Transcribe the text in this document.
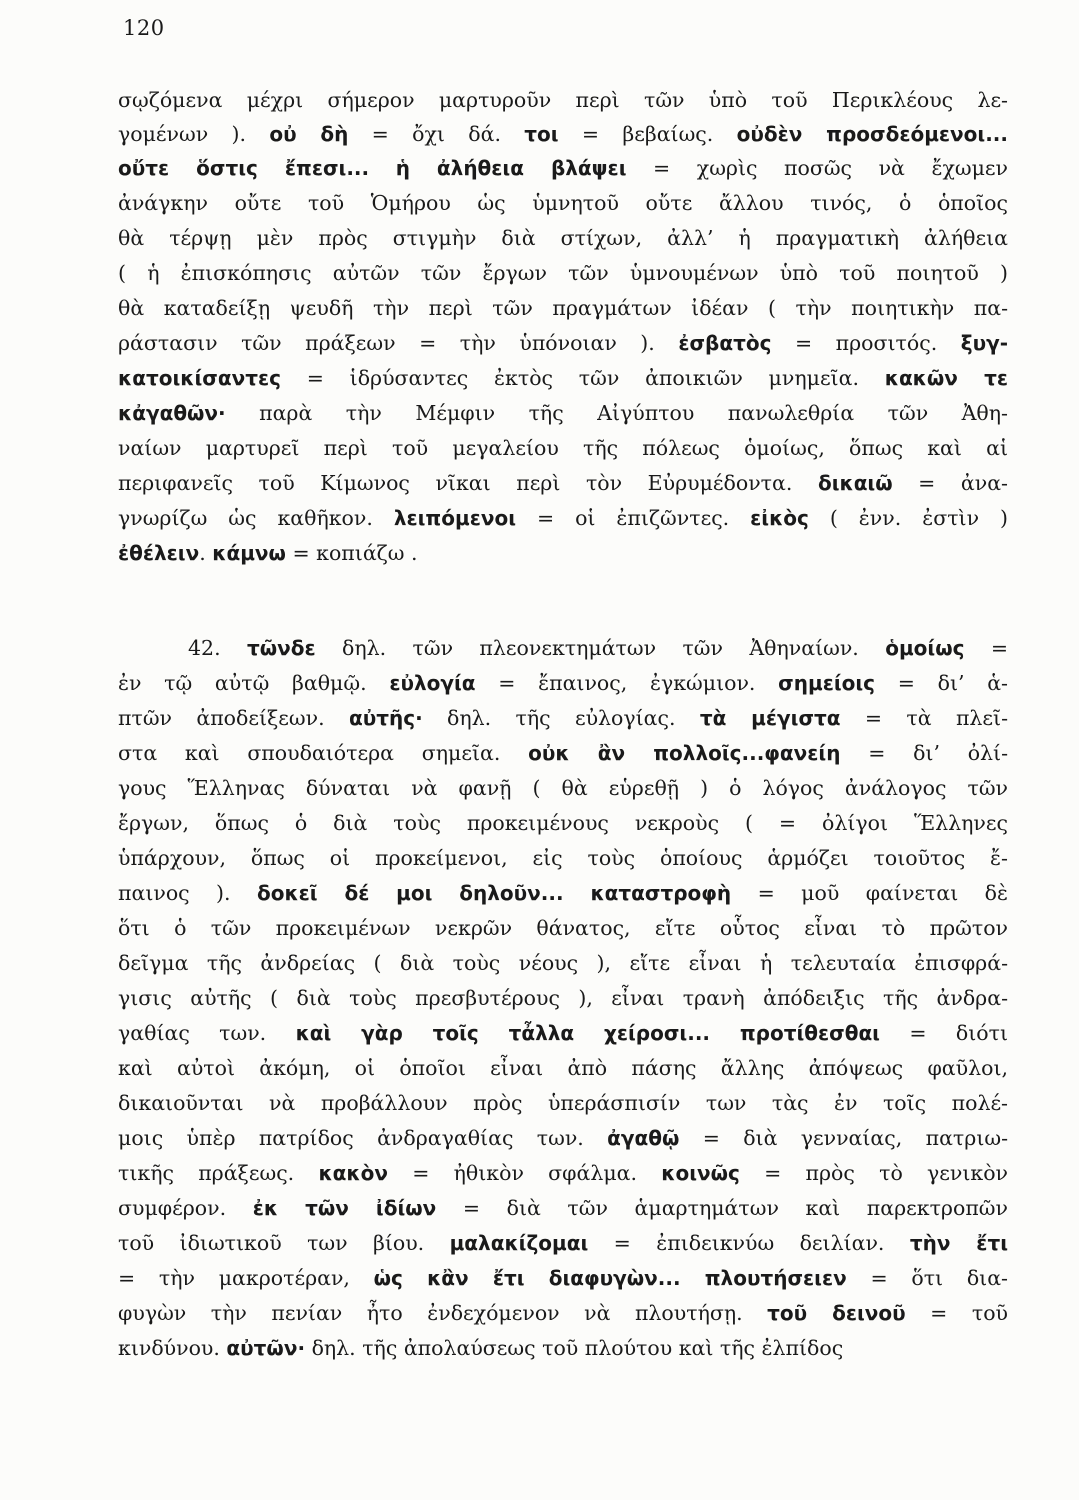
120
σῳζόμενα μέχρι σήμερον μαρτυροῦν περὶ τῶν ὑπὸ τοῦ Περικλέους λε-
γομένων ). οὐ δὴ = ὄχι δά. τοι = βεβαίως. οὐδὲν προσδεόμενοι...
οὔτε ὅστις ἔπεσι... ἡ ἀλήθεια βλάψει = χωρὶς ποσῶς νὰ ἔχωμεν
ἀνάγκην οὔτε τοῦ Ὁμήρου ὡς ὑμνητοῦ οὔτε ἄλλου τινός, ὁ ὁποῖος
θὰ τέρψῃ μὲν πρὸς στιγμὴν διὰ στίχων, ἀλλ’ ἡ πραγματικὴ ἀλήθεια
( ἡ ἐπισκόπησις αὐτῶν τῶν ἔργων τῶν ὑμνουμένων ὑπὸ τοῦ ποιητοῦ )
θὰ καταδείξῃ ψευδῆ τὴν περὶ τῶν πραγμάτων ἰδέαν ( τὴν ποιητικὴν πα-
ράστασιν τῶν πράξεων = τὴν ὑπόνοιαν ). ἐσβατὸς = προσιτός. ξυγ-
κατοικίσαντες = ἱδρύσαντες ἐκτὸς τῶν ἀποικιῶν μνημεῖα. κακῶν τε
κἀγαθῶν· παρὰ τὴν Μέμφιν τῆς Αἰγύπτου πανωλεθρία τῶν Ἀθη-
ναίων μαρτυρεῖ περὶ τοῦ μεγαλείου τῆς πόλεως ὁμοίως, ὅπως καὶ αἱ
περιφανεῖς τοῦ Κίμωνος νῖκαι περὶ τὸν Εὐρυμέδοντα. δικαιῶ = ἀνα-
γνωρίζω ὡς καθῆκον. λειπόμενοι = οἱ ἐπιζῶντες. εἰκὸς ( ἐνν. ἐστὶν )
ἐθέλειν. κάμνω = κοπιάζω .
42. τῶνδε δηλ. τῶν πλεονεκτημάτων τῶν Ἀθηναίων. ὁμοίως =
ἐν τῷ αὐτῷ βαθμῷ. εὐλογία = ἔπαινος, ἐγκώμιον. σημείοις = δι’ ἁ-
πτῶν ἀποδείξεων. αὐτῆς· δηλ. τῆς εὐλογίας. τὰ μέγιστα = τὰ πλεῖ-
στα καὶ σπουδαιότερα σημεῖα. οὐκ ἂν πολλοῖς...φανείη = δι’ ὀλί-
γους Ἕλληνας δύναται νὰ φανῇ ( θὰ εὑρεθῇ ) ὁ λόγος ἀνάλογος τῶν
ἔργων, ὅπως ὁ διὰ τοὺς προκειμένους νεκροὺς ( = ὀλίγοι Ἕλληνες
ὑπάρχουν, ὅπως οἱ προκείμενοι, εἰς τοὺς ὁποίους ἁρμόζει τοιοῦτος ἔ-
παινος ). δοκεῖ δέ μοι δηλοῦν... καταστροφὴ = μοῦ φαίνεται δὲ
ὅτι ὁ τῶν προκειμένων νεκρῶν θάνατος, εἴτε οὗτος εἶναι τὸ πρῶτον
δεῖγμα τῆς ἀνδρείας ( διὰ τοὺς νέους ), εἴτε εἶναι ἡ τελευταία ἐπισφρά-
γισις αὐτῆς ( διὰ τοὺς πρεσβυτέρους ), εἶναι τρανὴ ἀπόδειξις τῆς ἀνδρα-
γαθίας των. καὶ γὰρ τοῖς τἆλλα χείροσι... προτίθεσθαι = διότι
καὶ αὐτοὶ ἀκόμη, οἱ ὁποῖοι εἶναι ἀπὸ πάσης ἄλλης ἀπόψεως φαῦλοι,
δικαιοῦνται νὰ προβάλλουν πρὸς ὑπεράσπισίν των τὰς ἐν τοῖς πολέ-
μοις ὑπὲρ πατρίδος ἀνδραγαθίας των. ἀγαθῷ = διὰ γενναίας, πατριω-
τικῆς πράξεως. κακὸν = ἠθικὸν σφάλμα. κοινῶς = πρὸς τὸ γενικὸν
συμφέρον. ἐκ τῶν ἰδίων = διὰ τῶν ἁμαρτημάτων καὶ παρεκτροπῶν
τοῦ ἰδιωτικοῦ των βίου. μαλακίζομαι = ἐπιδεικνύω δειλίαν. τὴν ἔτι
= τὴν μακροτέραν, ὡς κἂν ἔτι διαφυγὼν... πλουτήσειεν = ὅτι δια-
φυγὼν τὴν πενίαν ἦτο ἐνδεχόμενον νὰ πλουτήσῃ. τοῦ δεινοῦ = τοῦ
κινδύνου. αὐτῶν· δηλ. τῆς ἀπολαύσεως τοῦ πλούτου καὶ τῆς ἐλπίδος
